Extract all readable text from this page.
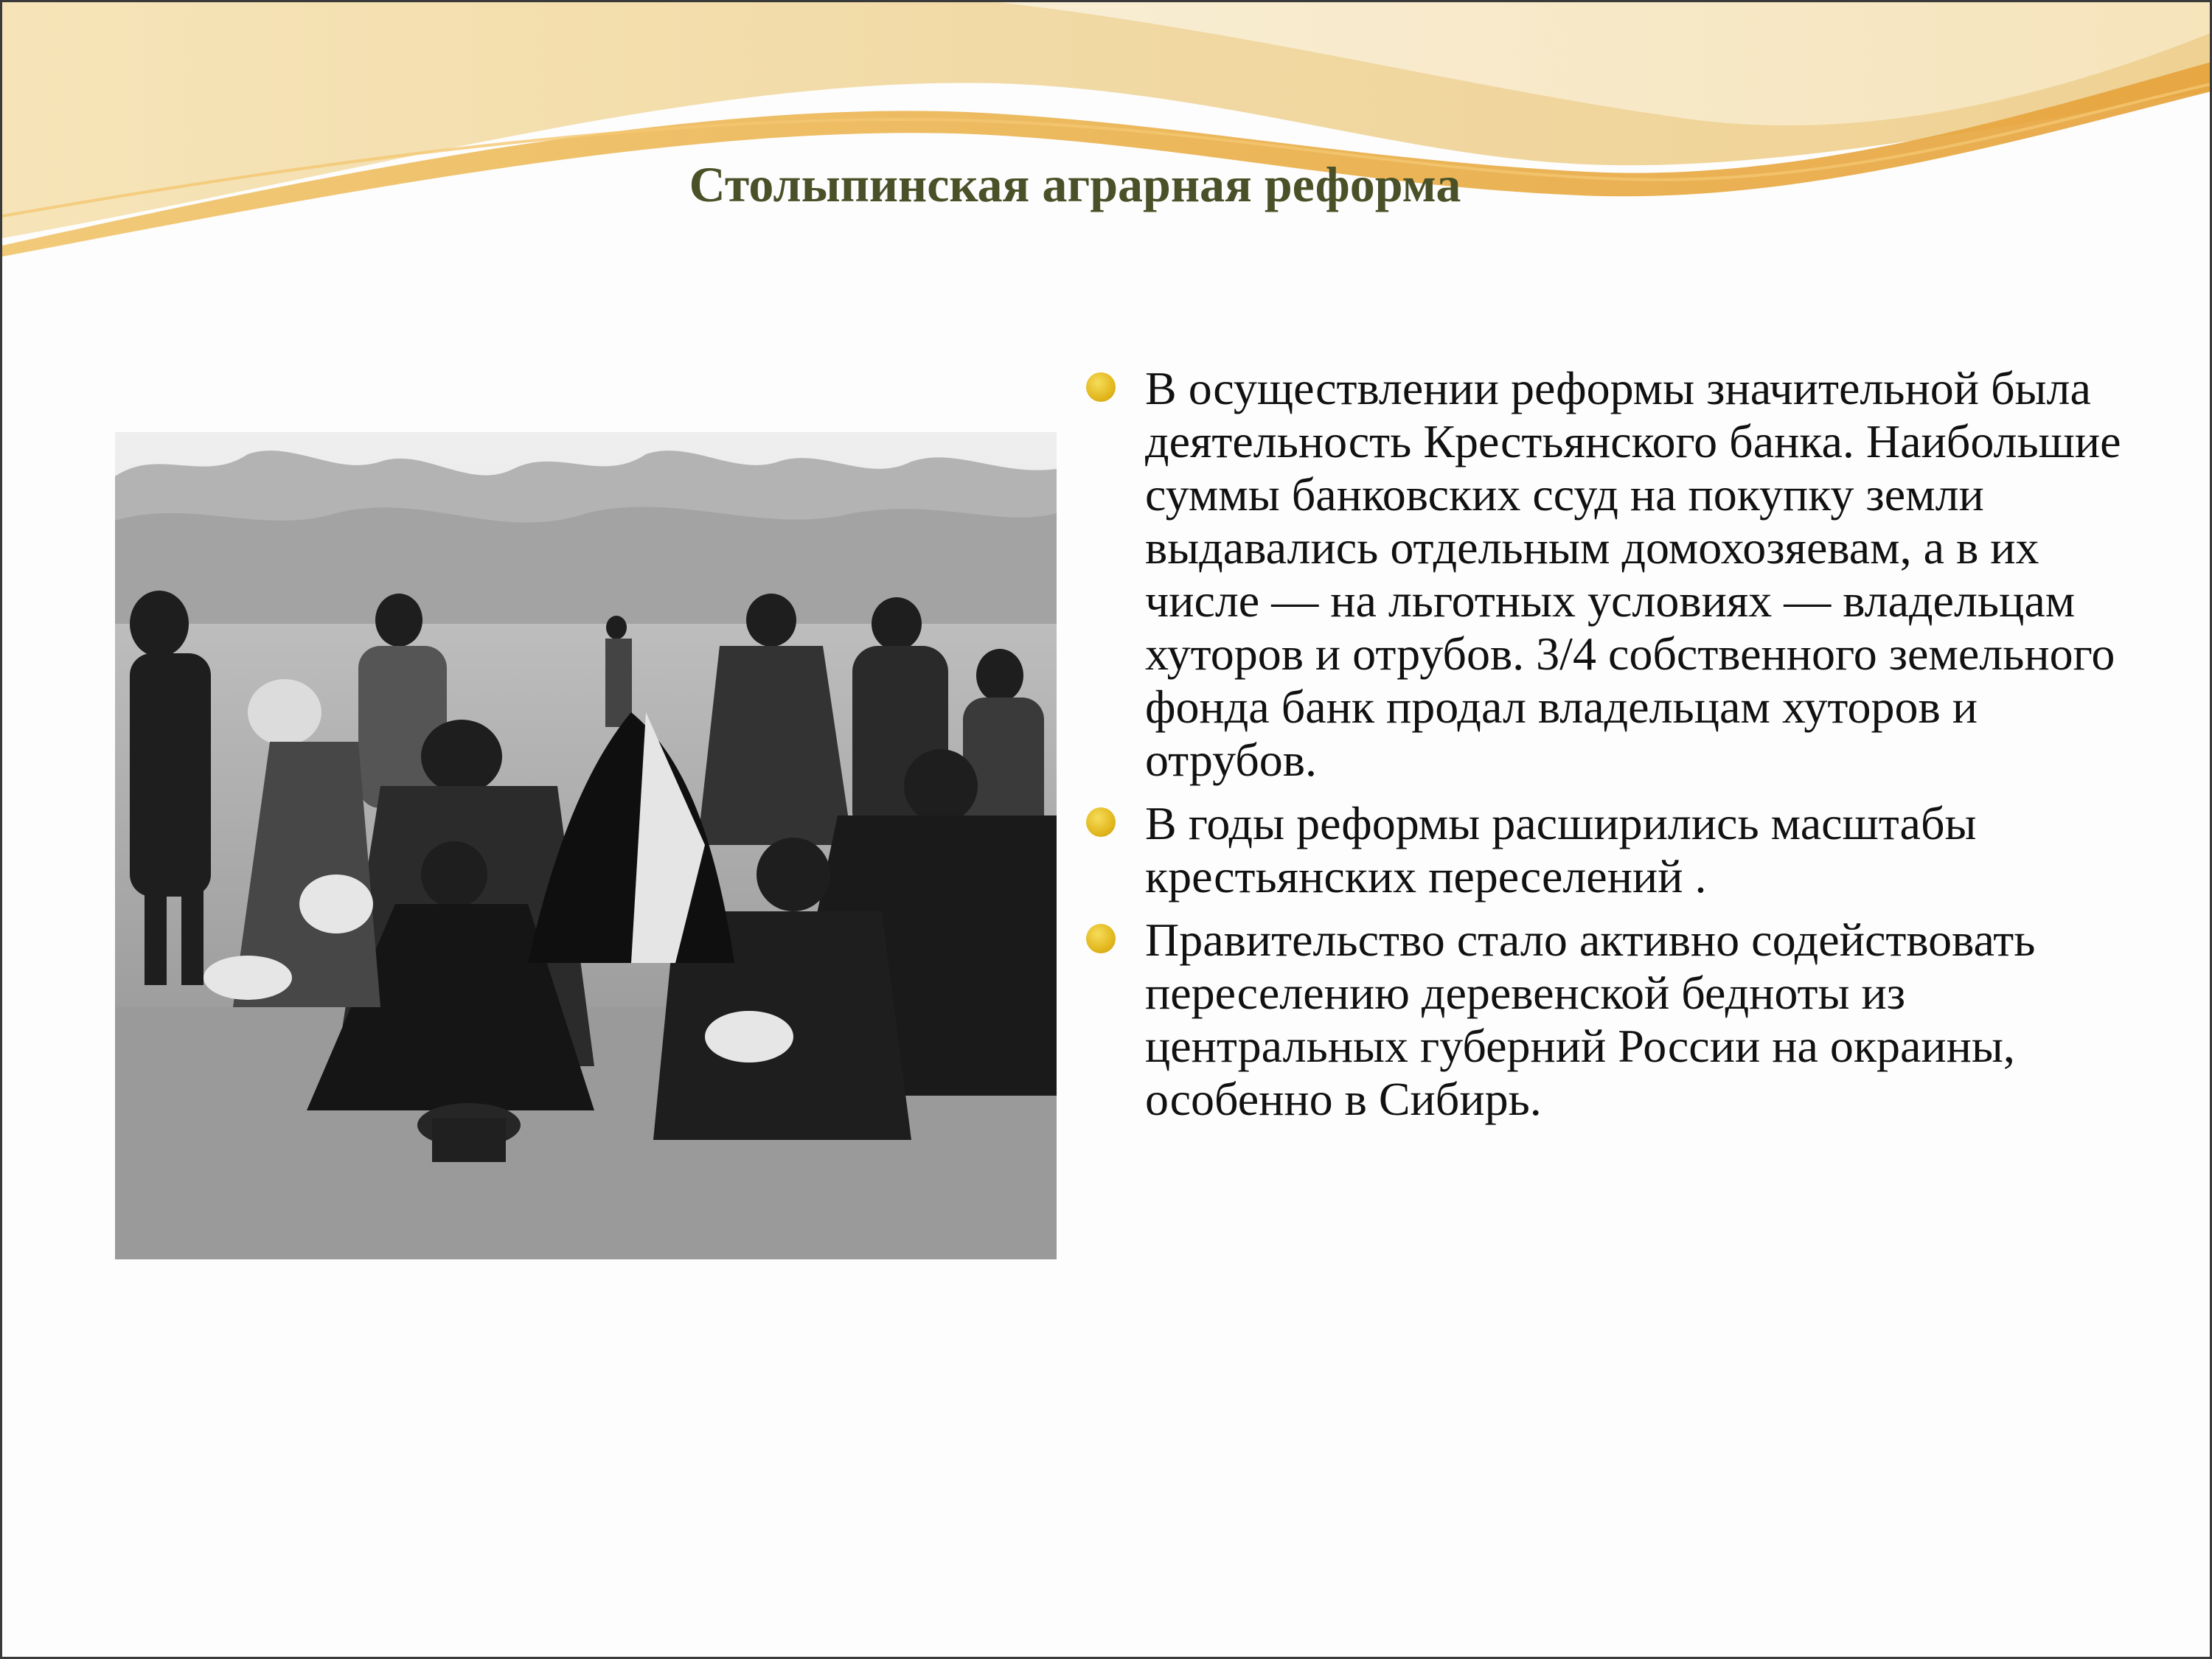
Столыпинская аграрная реформа
В осуществлении реформы значительной была деятельность Крестьянского банка. Наибольшие суммы банковских ссуд на покупку земли выдавались отдельным домохозяевам, а в их числе — на льготных условиях — владельцам хуторов и отрубов. 3/4 собственного земельного фонда банк продал владельцам хуторов и отрубов.
В годы реформы расширились масштабы крестьянских переселений .
Правительство стало активно содействовать переселению деревенской бедноты из центральных губерний России на окраины, особенно в Сибирь.
